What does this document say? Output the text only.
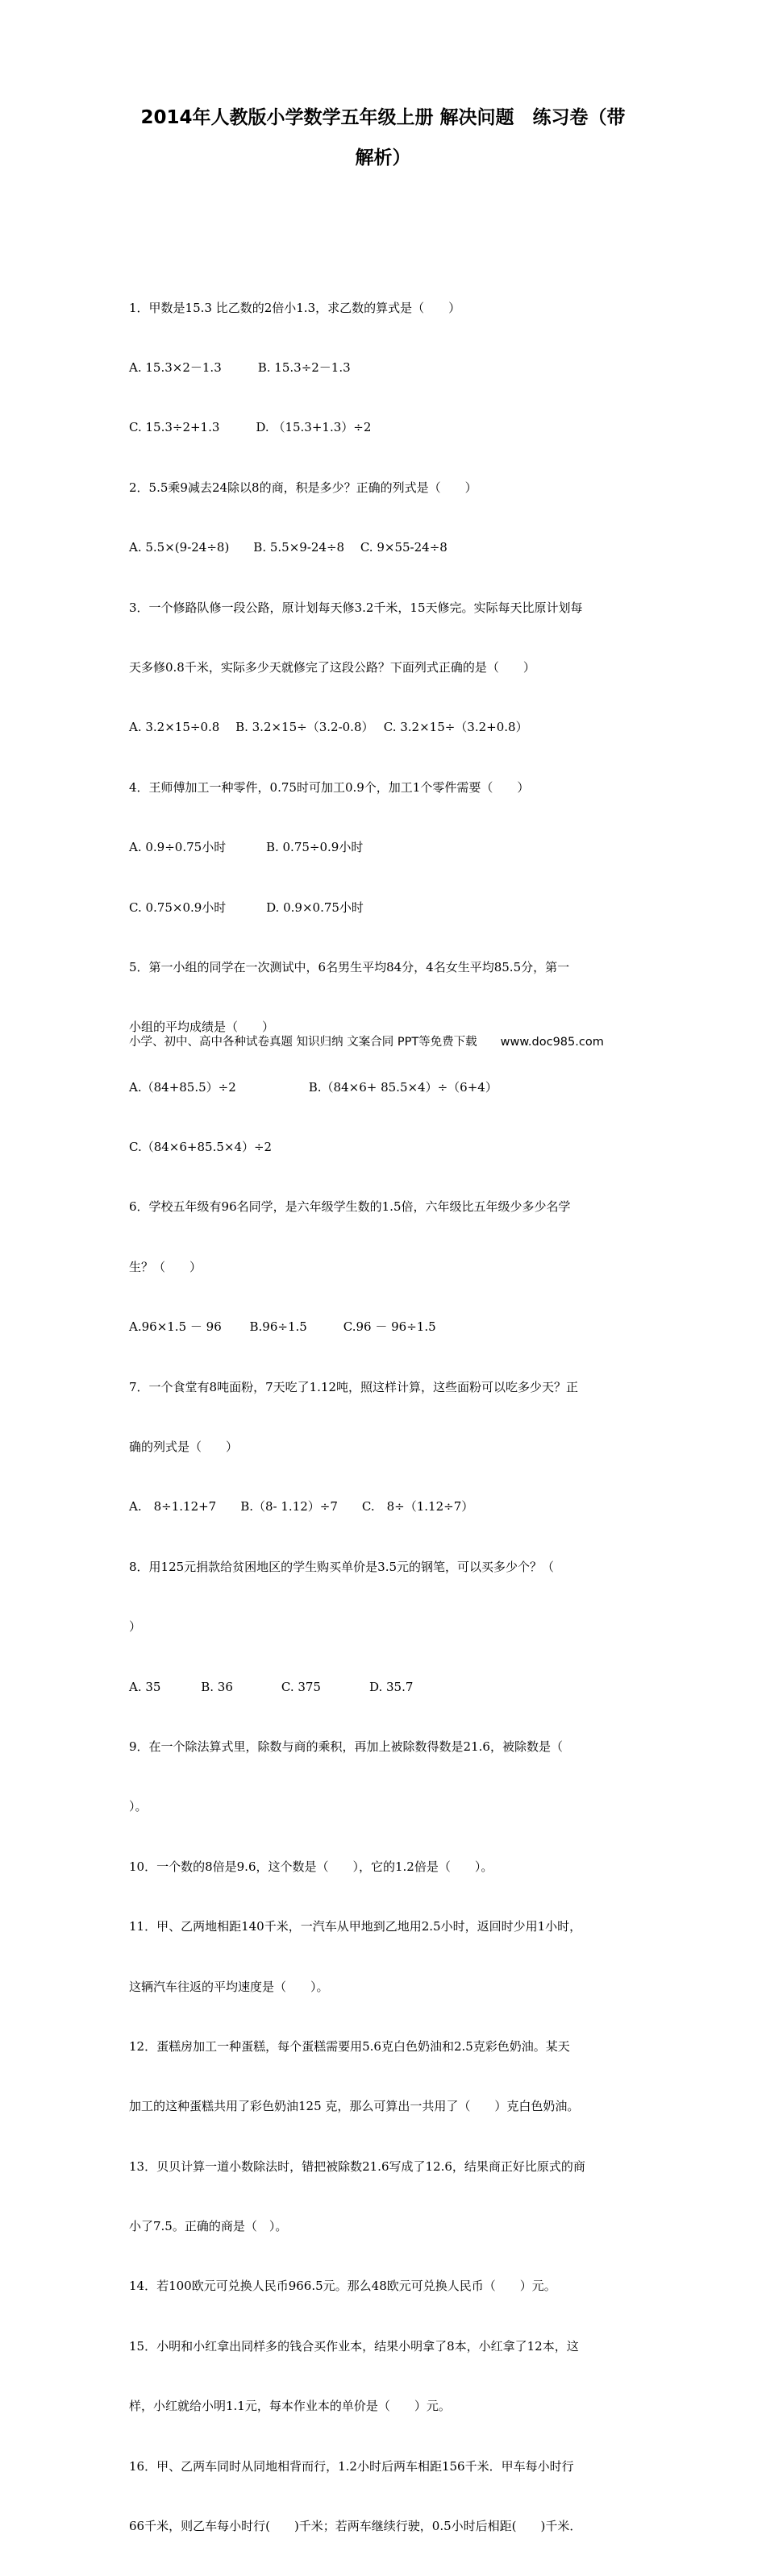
2014年人教版小学数学五年级上册 解决问题　练习卷（带
解析）

1．甲数是15.3 比乙数的2倍小1.3，求乙数的算式是（　　）

A. 15.3×2－1.3　　　B. 15.3÷2－1.3

C. 15.3÷2+1.3　　　D. （15.3+1.3）÷2

2．5.5乘9减去24除以8的商，积是多少？正确的列式是（　　）

A. 5.5×(9-24÷8)　　B. 5.5×9-24÷8　 C. 9×55-24÷8

3．一个修路队修一段公路，原计划每天修3.2千米，15天修完。实际每天比原计划每

天多修0.8千米，实际多少天就修完了这段公路？下面列式正确的是（　　）

A. 3.2×15÷0.8　 B. 3.2×15÷（3.2-0.8）　 C. 3.2×15÷（3.2+0.8）

4．王师傅加工一种零件，0.75时可加工0.9个，加工1个零件需要（　　）

A. 0.9÷0.75小时　　　 B. 0.75÷0.9小时

C. 0.75×0.9小时　　　 D. 0.9×0.75小时

5．第一小组的同学在一次测试中，6名男生平均84分，4名女生平均85.5分，第一

小组的平均成绩是（　　）

A.（84+85.5）÷2　　　　　　B.（84×6+ 85.5×4）÷（6+4）

C.（84×6+85.5×4）÷2

6．学校五年级有96名同学，是六年级学生数的1.5倍，六年级比五年级少多少名学

生？（　　）

A.96×1.5 － 96　　 B.96÷1.5　　　C.96 － 96÷1.5

7．一个食堂有8吨面粉，7天吃了1.12吨，照这样计算，这些面粉可以吃多少天？正

确的列式是（　　）

A.　8÷1.12+7　　B.（8- 1.12）÷7　　C.　8÷（1.12÷7）

8．用125元捐款给贫困地区的学生购买单价是3.5元的钢笔，可以买多少个？（

）

A. 35　　　 B. 36　　　　C. 375　　　　D. 35.7

9．在一个除法算式里，除数与商的乘积，再加上被除数得数是21.6，被除数是（

）。

10．一个数的8倍是9.6，这个数是（　　），它的1.2倍是（　　）。

11．甲、乙两地相距140千米，一汽车从甲地到乙地用2.5小时，返回时少用1小时，

这辆汽车往返的平均速度是（　　）。

12．蛋糕房加工一种蛋糕，每个蛋糕需要用5.6克白色奶油和2.5克彩色奶油。某天

加工的这种蛋糕共用了彩色奶油125 克，那么可算出一共用了（　　）克白色奶油。

13．贝贝计算一道小数除法时，错把被除数21.6写成了12.6，结果商正好比原式的商

小了7.5。正确的商是（　）。

14．若100欧元可兑换人民币966.5元。那么48欧元可兑换人民币（　　）元。

15．小明和小红拿出同样多的钱合买作业本，结果小明拿了8本，小红拿了12本，这

样，小红就给小明1.1元，每本作业本的单价是（　　）元。

16．甲、乙两车同时从同地相背而行，1.2小时后两车相距156千米．甲车每小时行

66千米，则乙车每小时行(　　)千米；若两车继续行驶，0.5小时后相距(　　)千米．

小学、初中、高中各种试卷真题 知识归纳 文案合同 PPT等免费下载　　www.doc985.com
